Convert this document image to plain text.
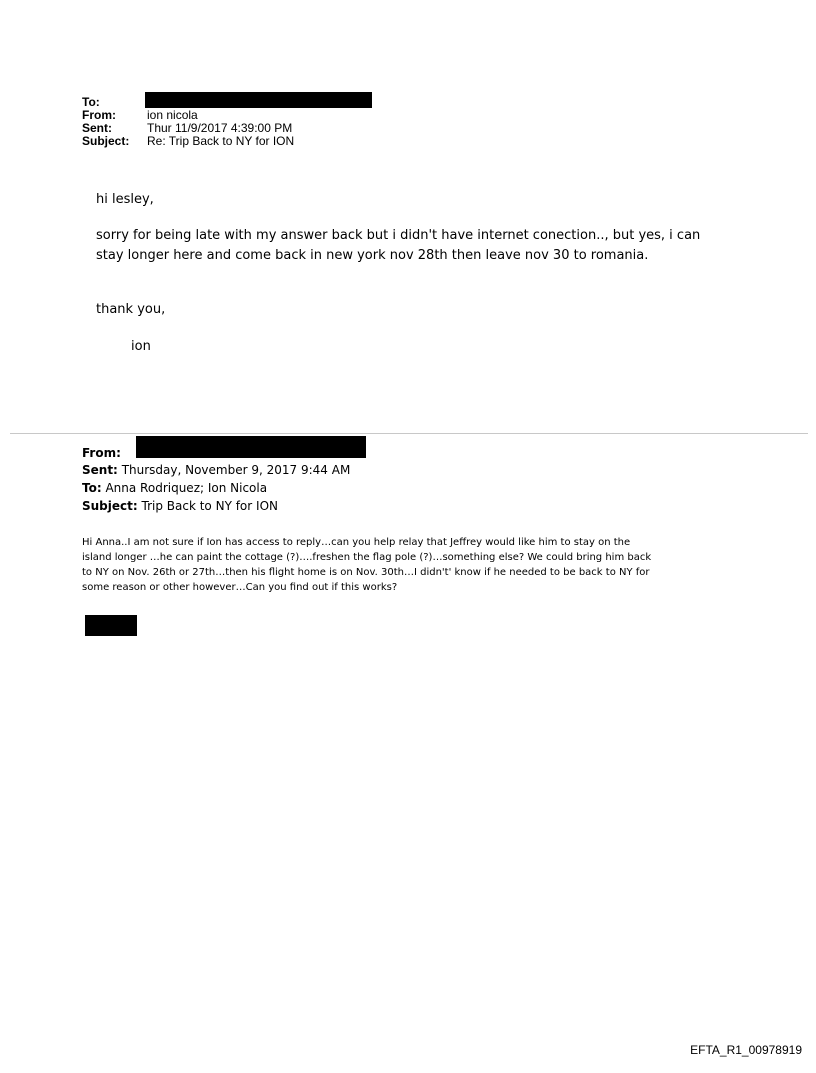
To:
From:	ion nicola
Sent:	Thur 11/9/2017 4:39:00 PM
Subject: Re: Trip Back to NY for ION
hi lesley,
sorry for being late with my answer back but i didn't have internet conection.., but yes, i can
stay longer here and come back in new york nov 28th then leave nov 30 to romania.
thank you,
ion
From:
Sent: Thursday, November 9, 2017 9:44 AM
To: Anna Rodriquez; Ion Nicola
Subject: Trip Back to NY for ION
Hi Anna..I am not sure if Ion has access to reply…can you help relay that Jeffrey would like him to stay on the
island longer …he can paint the cottage (?)….freshen the flag pole (?)…something else? We could bring him back
to NY on Nov. 26th or 27th…then his flight home is on Nov. 30th…I didn't' know if he needed to be back to NY for
some reason or other however…Can you find out if this works?
EFTA_R1_00978919
